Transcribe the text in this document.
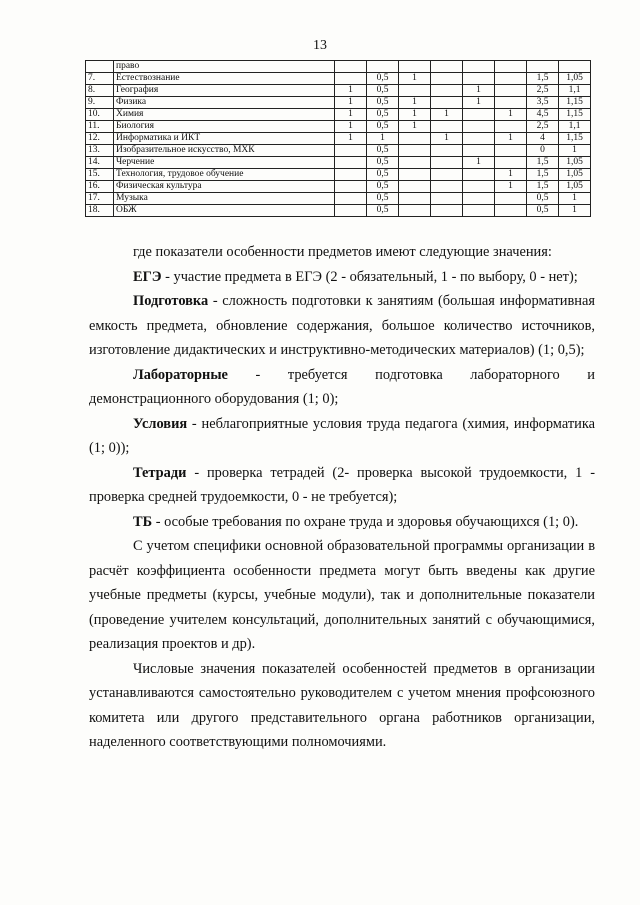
13
	право								
7.	Естествознание		0,5	1				1,5	1,05
8.	География	1	0,5			1		2,5	1,1
9.	Физика	1	0,5	1		1		3,5	1,15
10.	Химия	1	0,5	1	1		1	4,5	1,15
11.	Биология	1	0,5	1				2,5	1,1
12.	Информатика и ИКТ	1	1		1		1	4	1,15
13.	Изобразительное искусство, МХК		0,5					0	1
14.	Черчение		0,5			1		1,5	1,05
15.	Технология, трудовое обучение		0,5				1	1,5	1,05
16.	Физическая культура		0,5				1	1,5	1,05
17.	Музыка		0,5					0,5	1
18.	ОБЖ		0,5					0,5	1

где показатели особенности предметов имеют следующие значения:

ЕГЭ - участие предмета в ЕГЭ (2 - обязательный, 1 - по выбору, 0 - нет);

Подготовка - сложность подготовки к занятиям (большая информативная емкость предмета, обновление содержания, большое количество источников, изготовление дидактических и инструктивно-методических материалов) (1; 0,5);

Лабораторные - требуется подготовка лабораторного и демонстрационного оборудования (1; 0);

Условия - неблагоприятные условия труда педагога (химия, информатика (1; 0));

Тетради - проверка тетрадей (2- проверка высокой трудоемкости, 1 - проверка средней трудоемкости, 0 - не требуется);

ТБ - особые требования по охране труда и здоровья обучающихся (1; 0).

С учетом специфики основной образовательной программы организации в расчёт коэффициента особенности предмета могут быть введены как другие учебные предметы (курсы, учебные модули), так и дополнительные показатели (проведение учителем консультаций, дополнительных занятий с обучающимися, реализация проектов и др).

Числовые значения показателей особенностей предметов в организации устанавливаются самостоятельно руководителем с учетом мнения профсоюзного комитета или другого представительного органа работников организации, наделенного соответствующими полномочиями.
